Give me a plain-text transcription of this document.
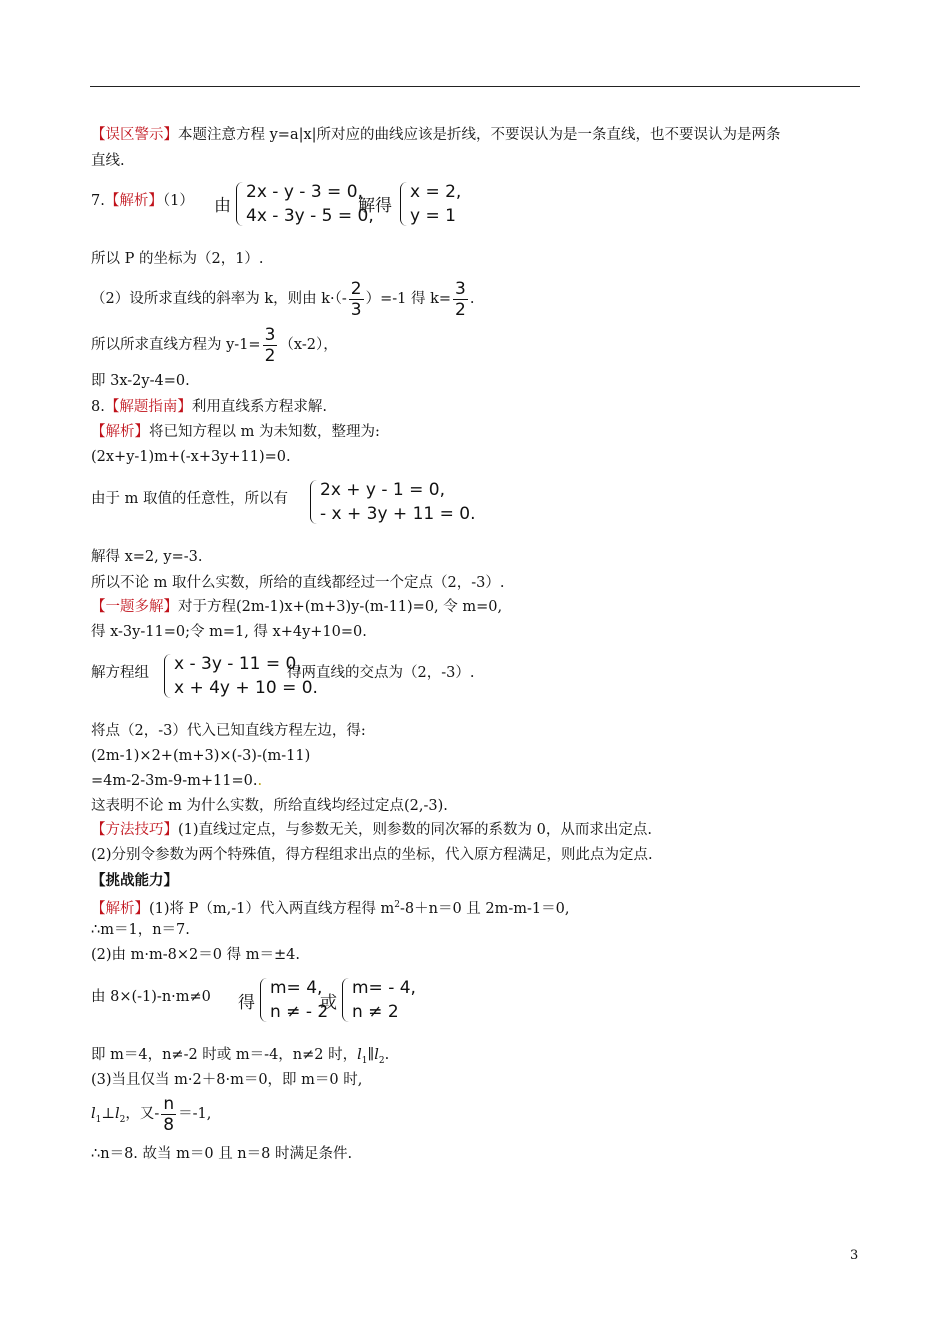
【误区警示】本题注意方程 y=a|x|所对应的曲线应该是折线，不要误认为是一条直线，也不要误认为是两条
直线.
7.【解析】（1） 由
2x - y - 3 = 0,
4x - 3y - 5 = 0,
解得
x = 2,
y = 1
所以 P 的坐标为（2，1）.
（2）设所求直线的斜率为 k，则由 $k\cdot(- \frac{2}{3} )=-1$ 得 $k= \frac{3}{2}$ .
所以所求直线方程为 $y-1= \frac{3}{2} (x-2)$，
即 3x-2y-4=0.
8.【解题指南】利用直线系方程求解.
【解析】将已知方程以 m 为未知数，整理为:
(2x+y-1)m+(-x+3y+11)=0.
由于 m 取值的任意性，所以有 2x + y - 1 = 0,
- x + 3y + 11 = 0.
解得 x=2, y=-3.
所以不论 m 取什么实数，所给的直线都经过一个定点（2，-3）.
【一题多解】对于方程(2m-1)x+(m+3)y-(m-11)=0, 令 m=0,
得 x-3y-11=0;令 m=1, 得 x+4y+10=0.
解方程组 x - 3y - 11 = 0,
x + 4y + 10 = 0.
得两直线的交点为（2，-3）.
将点（2，-3）代入已知直线方程左边，得:
(2m-1)×2+(m+3)×(-3)-(m-11)
=4m-2-3m-9-m+11=0..
这表明不论 m 为什么实数，所给直线均经过定点(2,-3).
【方法技巧】(1)直线过定点，与参数无关，则参数的同次幂的系数为 0，从而求出定点.
(2)分别令参数为两个特殊值，得方程组求出点的坐标，代入原方程满足，则此点为定点.
【挑战能力】
【解析】(1)将 P（m,-1）代入两直线方程得 $m^2-8+n=0$ 且 2m-m-1＝0,
∴m＝1，n＝7.
(2)由 m·m-8×2＝0 得 m＝±4.
由 8×(-1)-n·m≠0 得
m= 4,
n ≠ - 2
或
m= - 4,
n ≠ 2
即 m＝4，n≠-2 时或 m＝-4，n≠2 时，$l_1\parallel l_2$.
(3)当且仅当 m·2＋8·m＝0，即 m＝0 时,
$l_1\perp l_2$，又- $\frac{n}{8} =-1$,
∴n＝8. 故当 m＝0 且 n＝8 时满足条件.
3
